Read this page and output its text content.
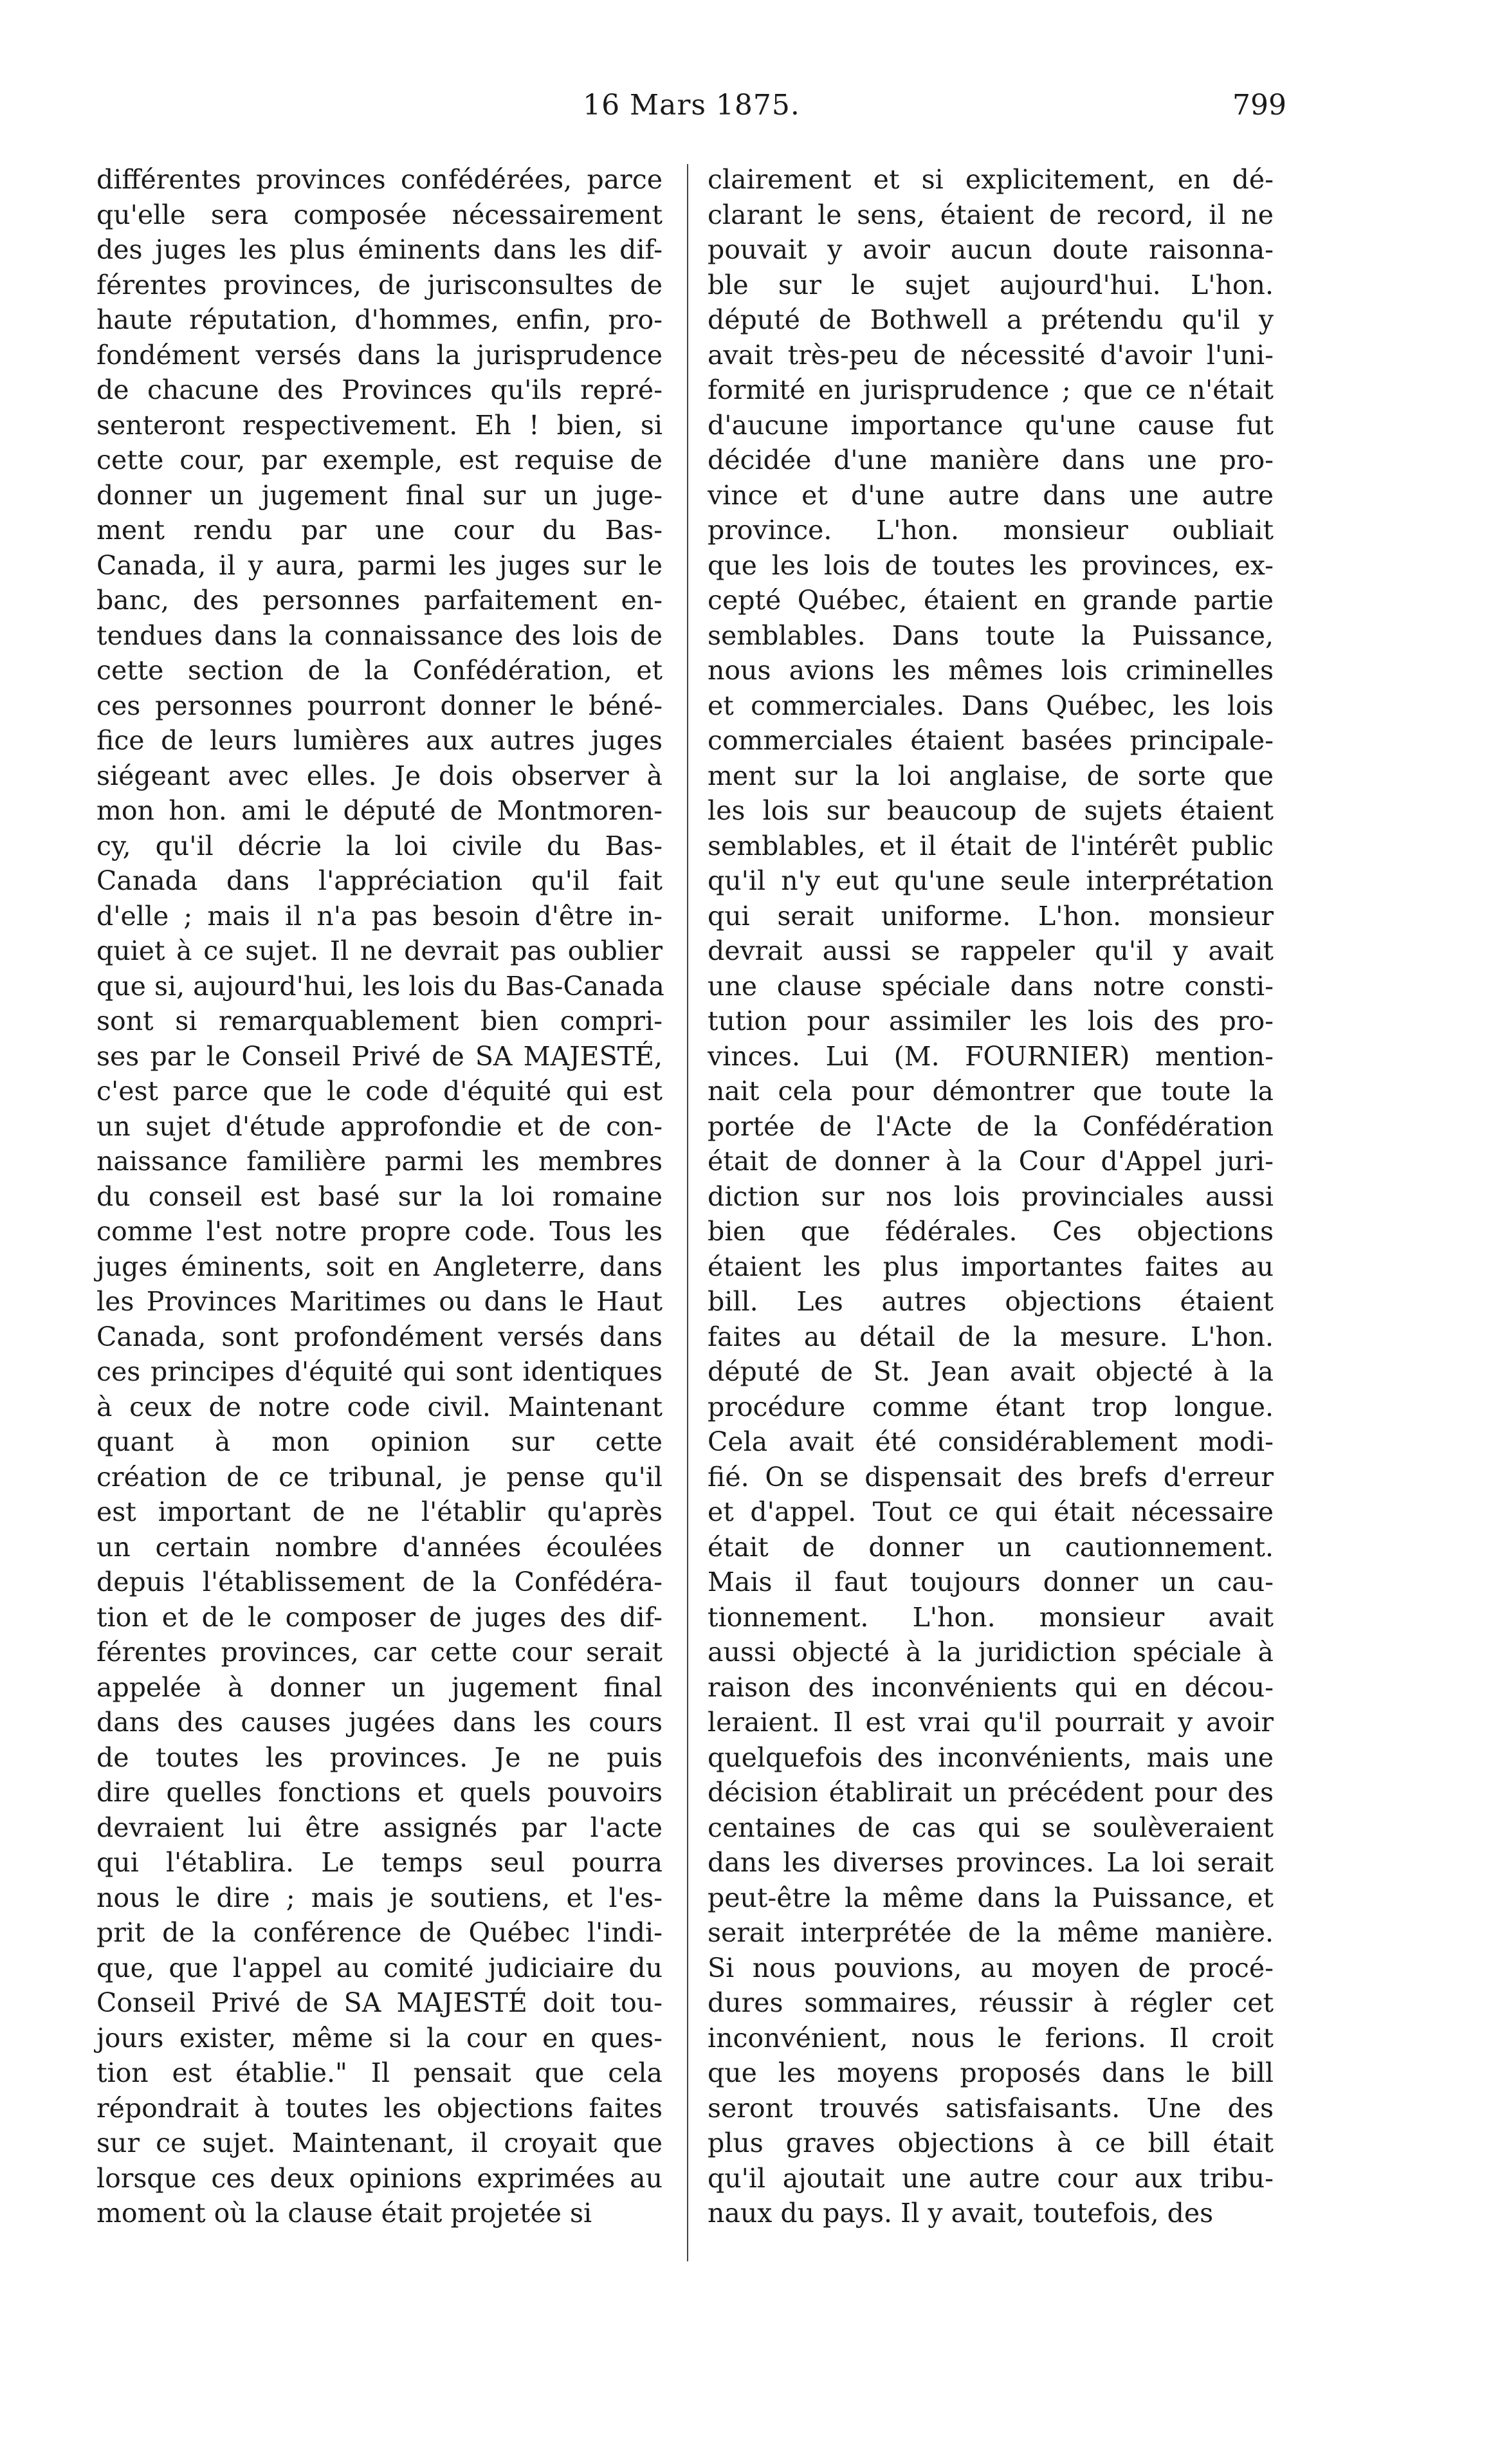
16 Mars 1875.	799
différentes provinces confédérées, parce
qu'elle sera composée nécessairement
des juges les plus éminents dans les dif-
férentes provinces, de jurisconsultes de
haute réputation, d'hommes, enfin, pro-
fondément versés dans la jurisprudence
de chacune des Provinces qu'ils repré-
senteront respectivement. Eh ! bien, si
cette cour, par exemple, est requise de
donner un jugement final sur un juge-
ment rendu par une cour du Bas-
Canada, il y aura, parmi les juges sur le
banc, des personnes parfaitement en-
tendues dans la connaissance des lois de
cette section de la Confédération, et
ces personnes pourront donner le béné-
fice de leurs lumières aux autres juges
siégeant avec elles. Je dois observer à
mon hon. ami le député de Montmoren-
cy, qu'il décrie la loi civile du Bas-
Canada dans l'appréciation qu'il fait
d'elle ; mais il n'a pas besoin d'être in-
quiet à ce sujet. Il ne devrait pas oublier
que si, aujourd'hui, les lois du Bas-Canada
sont si remarquablement bien compri-
ses par le Conseil Privé de SA MAJESTÉ,
c'est parce que le code d'équité qui est
un sujet d'étude approfondie et de con-
naissance familière parmi les membres
du conseil est basé sur la loi romaine
comme l'est notre propre code. Tous les
juges éminents, soit en Angleterre, dans
les Provinces Maritimes ou dans le Haut
Canada, sont profondément versés dans
ces principes d'équité qui sont identiques
à ceux de notre code civil. Maintenant
quant à mon opinion sur cette
création de ce tribunal, je pense qu'il
est important de ne l'établir qu'après
un certain nombre d'années écoulées
depuis l'établissement de la Confédéra-
tion et de le composer de juges des dif-
férentes provinces, car cette cour serait
appelée à donner un jugement final
dans des causes jugées dans les cours
de toutes les provinces. Je ne puis
dire quelles fonctions et quels pouvoirs
devraient lui être assignés par l'acte
qui l'établira. Le temps seul pourra
nous le dire ; mais je soutiens, et l'es-
prit de la conférence de Québec l'indi-
que, que l'appel au comité judiciaire du
Conseil Privé de SA MAJESTÉ doit tou-
jours exister, même si la cour en ques-
tion est établie." Il pensait que cela
répondrait à toutes les objections faites
sur ce sujet. Maintenant, il croyait que
lorsque ces deux opinions exprimées au
moment où la clause était projetée si
clairement et si explicitement, en dé-
clarant le sens, étaient de record, il ne
pouvait y avoir aucun doute raisonna-
ble sur le sujet aujourd'hui. L'hon.
député de Bothwell a prétendu qu'il y
avait très-peu de nécessité d'avoir l'uni-
formité en jurisprudence ; que ce n'était
d'aucune importance qu'une cause fut
décidée d'une manière dans une pro-
vince et d'une autre dans une autre
province. L'hon. monsieur oubliait
que les lois de toutes les provinces, ex-
cepté Québec, étaient en grande partie
semblables. Dans toute la Puissance,
nous avions les mêmes lois criminelles
et commerciales. Dans Québec, les lois
commerciales étaient basées principale-
ment sur la loi anglaise, de sorte que
les lois sur beaucoup de sujets étaient
semblables, et il était de l'intérêt public
qu'il n'y eut qu'une seule interprétation
qui serait uniforme. L'hon. monsieur
devrait aussi se rappeler qu'il y avait
une clause spéciale dans notre consti-
tution pour assimiler les lois des pro-
vinces. Lui (M. FOURNIER) mention-
nait cela pour démontrer que toute la
portée de l'Acte de la Confédération
était de donner à la Cour d'Appel juri-
diction sur nos lois provinciales aussi
bien que fédérales. Ces objections
étaient les plus importantes faites au
bill. Les autres objections étaient
faites au détail de la mesure. L'hon.
député de St. Jean avait objecté à la
procédure comme étant trop longue.
Cela avait été considérablement modi-
fié. On se dispensait des brefs d'erreur
et d'appel. Tout ce qui était nécessaire
était de donner un cautionnement.
Mais il faut toujours donner un cau-
tionnement. L'hon. monsieur avait
aussi objecté à la juridiction spéciale à
raison des inconvénients qui en décou-
leraient. Il est vrai qu'il pourrait y avoir
quelquefois des inconvénients, mais une
décision établirait un précédent pour des
centaines de cas qui se soulèveraient
dans les diverses provinces. La loi serait
peut-être la même dans la Puissance, et
serait interprétée de la même manière.
Si nous pouvions, au moyen de procé-
dures sommaires, réussir à régler cet
inconvénient, nous le ferions. Il croit
que les moyens proposés dans le bill
seront trouvés satisfaisants. Une des
plus graves objections à ce bill était
qu'il ajoutait une autre cour aux tribu-
naux du pays. Il y avait, toutefois, des
